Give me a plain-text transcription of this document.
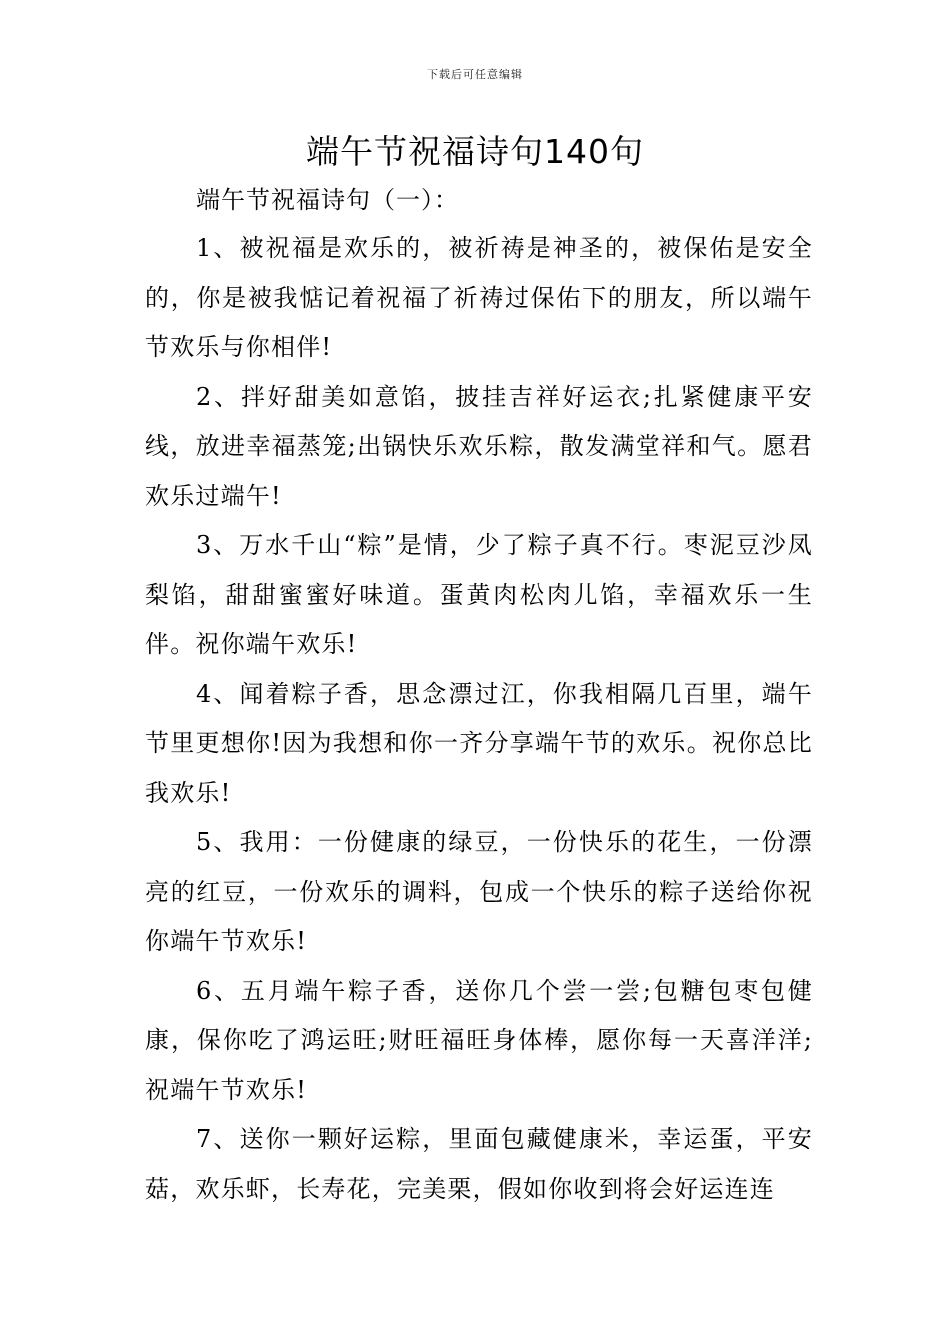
下载后可任意编辑
端午节祝福诗句140句
端午节祝福诗句（一）：

1、被祝福是欢乐的，被祈祷是神圣的，被保佑是安全的，你是被我惦记着祝福了祈祷过保佑下的朋友，所以端午节欢乐与你相伴!

2、拌好甜美如意馅，披挂吉祥好运衣;扎紧健康平安线，放进幸福蒸笼;出锅快乐欢乐粽，散发满堂祥和气。愿君欢乐过端午!

3、万水千山“粽”是情，少了粽子真不行。枣泥豆沙凤梨馅，甜甜蜜蜜好味道。蛋黄肉松肉儿馅，幸福欢乐一生伴。祝你端午欢乐!

4、闻着粽子香，思念漂过江，你我相隔几百里，端午节里更想你!因为我想和你一齐分享端午节的欢乐。祝你总比我欢乐!

5、我用：一份健康的绿豆，一份快乐的花生，一份漂亮的红豆，一份欢乐的调料，包成一个快乐的粽子送给你祝你端午节欢乐!

6、五月端午粽子香，送你几个尝一尝;包糖包枣包健康，保你吃了鸿运旺;财旺福旺身体棒，愿你每一天喜洋洋;祝端午节欢乐!

7、送你一颗好运粽，里面包藏健康米，幸运蛋，平安菇，欢乐虾，长寿花，完美栗，假如你收到将会好运连连
